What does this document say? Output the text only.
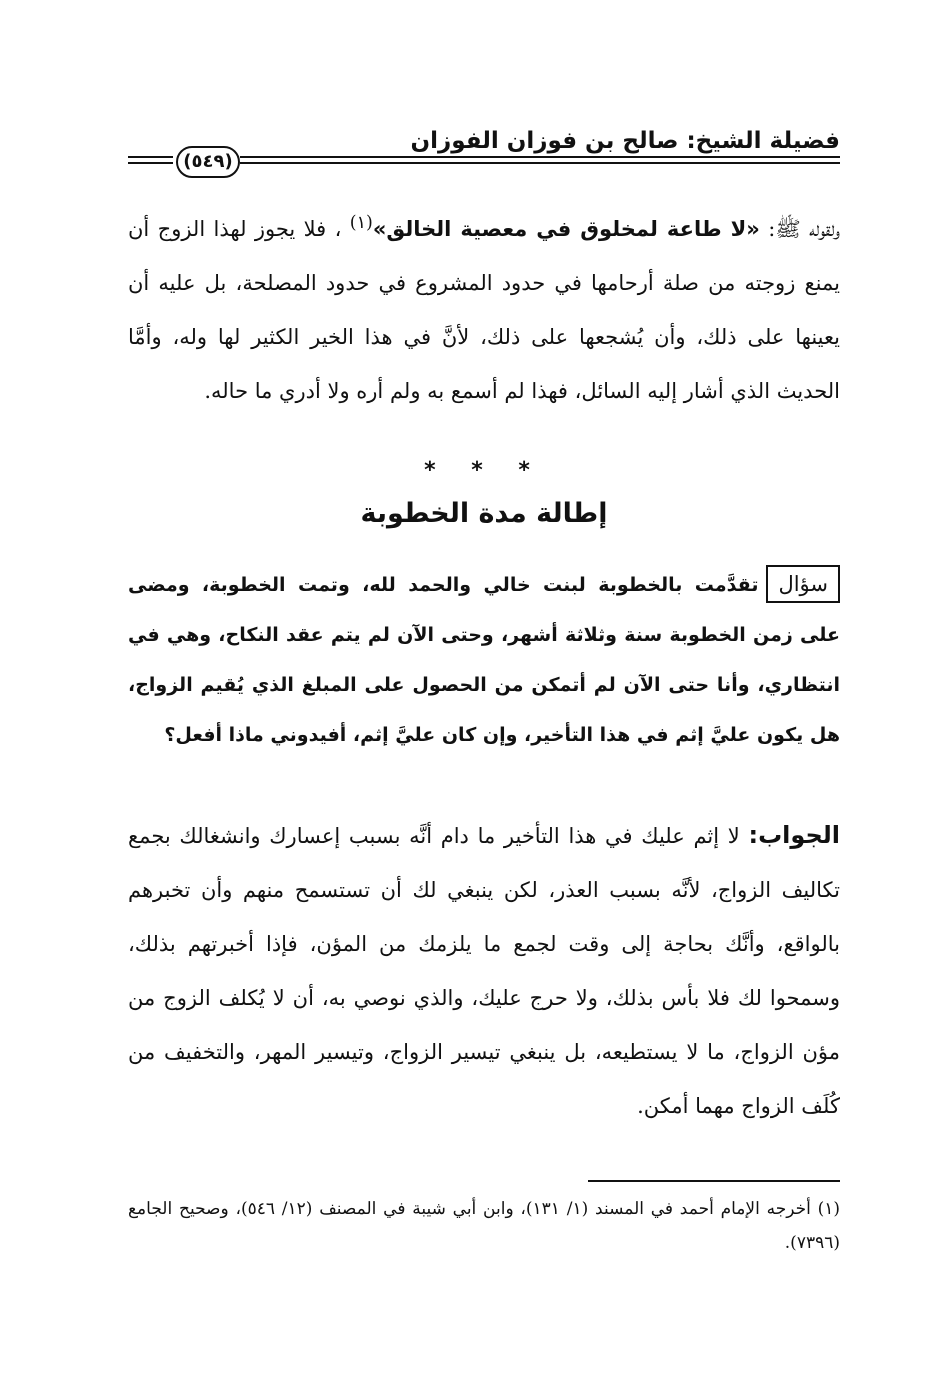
فضيلة الشيخ: صالح بن فوزان الفوزان
(٥٤٩)
ولقوله ﷺ: «لا طاعة لمخلوق في معصية الخالق»$^{(١)}$ ، فلا يجوز لهذا الزوج أن يمنع زوجته من صلة أرحامها في حدود المشروع في حدود المصلحة، بل عليه أن يعينها على ذلك، وأن يُشجعها على ذلك، لأنَّ في هذا الخير الكثير لها وله، وأمَّا الحديث الذي أشار إليه السائل، فهذا لم أسمع به ولم أره ولا أدري ما حاله.
* * *
إطالة مدة الخطوبة
سؤالتقدَّمت بالخطوبة لبنت خالي والحمد لله، وتمت الخطوبة، ومضى على زمن الخطوبة سنة وثلاثة أشهر، وحتى الآن لم يتم عقد النكاح، وهي في انتظاري، وأنا حتى الآن لم أتمكن من الحصول على المبلغ الذي يُقيم الزواج، هل يكون عليَّ إثم في هذا التأخير، وإن كان عليَّ إثم، أفيدوني ماذا أفعل؟
الجواب: لا إثم عليك في هذا التأخير ما دام أنَّه بسبب إعسارك وانشغالك بجمع تكاليف الزواج، لأنَّه بسبب العذر، لكن ينبغي لك أن تستسمح منهم وأن تخبرهم بالواقع، وأنَّك بحاجة إلى وقت لجمع ما يلزمك من المؤن، فإذا أخبرتهم بذلك، وسمحوا لك فلا بأس بذلك، ولا حرج عليك، والذي نوصي به، أن لا يُكلف الزوج من مؤن الزواج، ما لا يستطيعه، بل ينبغي تيسير الزواج، وتيسير المهر، والتخفيف من كُلَف الزواج مهما أمكن.
(١) أخرجه الإمام أحمد في المسند (١/ ١٣١)، وابن أبي شيبة في المصنف (١٢/ ٥٤٦)، وصحيح الجامع (٧٣٩٦).
